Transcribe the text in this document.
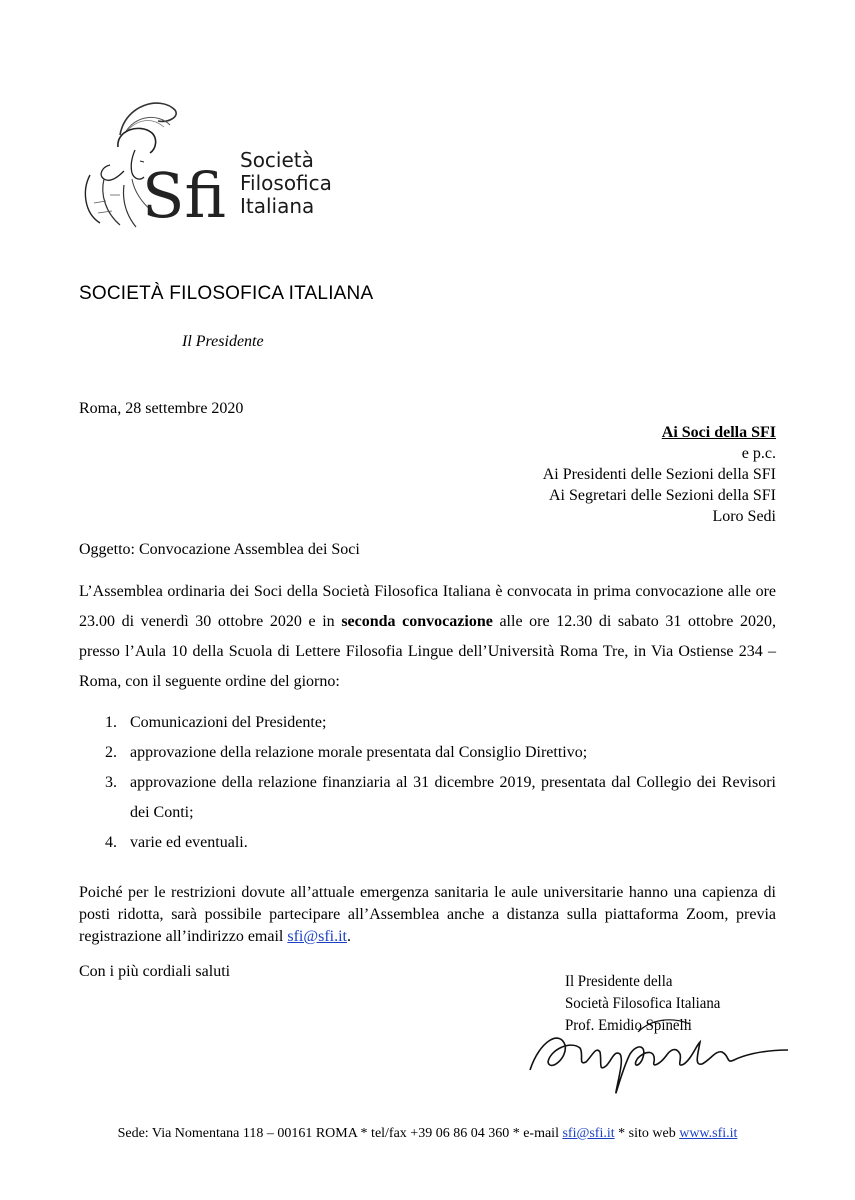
Sfi Società
Filosofica
Italiana
SOCIETÀ FILOSOFICA ITALIANA
Il Presidente
Roma, 28 settembre 2020
Ai Soci della SFI
e p.c.
Ai Presidenti delle Sezioni della SFI
Ai Segretari delle Sezioni della SFI
Loro Sedi
Oggetto: Convocazione Assemblea dei Soci

L’Assemblea ordinaria dei Soci della Società Filosofica Italiana è convocata in prima convocazione alle ore 23.00 di venerdì 30 ottobre 2020 e in seconda convocazione alle ore 12.30 di sabato 31 ottobre 2020, presso l’Aula 10 della Scuola di Lettere Filosofia Lingue dell’Università Roma Tre, in Via Ostiense 234 – Roma, con il seguente ordine del giorno:

1. Comunicazioni del Presidente;
2. approvazione della relazione morale presentata dal Consiglio Direttivo;
3. approvazione della relazione finanziaria al 31 dicembre 2019, presentata dal Collegio dei Revisori dei Conti;
4. varie ed eventuali.

Poiché per le restrizioni dovute all’attuale emergenza sanitaria le aule universitarie hanno una capienza di posti ridotta, sarà possibile partecipare all’Assemblea anche a distanza sulla piattaforma Zoom, previa registrazione all’indirizzo email sfi@sfi.it.

Con i più cordiali saluti
Il Presidente della
Società Filosofica Italiana
Prof. Emidio Spinelli
Sede: Via Nomentana 118 – 00161 ROMA * tel/fax +39 06 86 04 360 * e-mail sfi@sfi.it * sito web www.sfi.it
